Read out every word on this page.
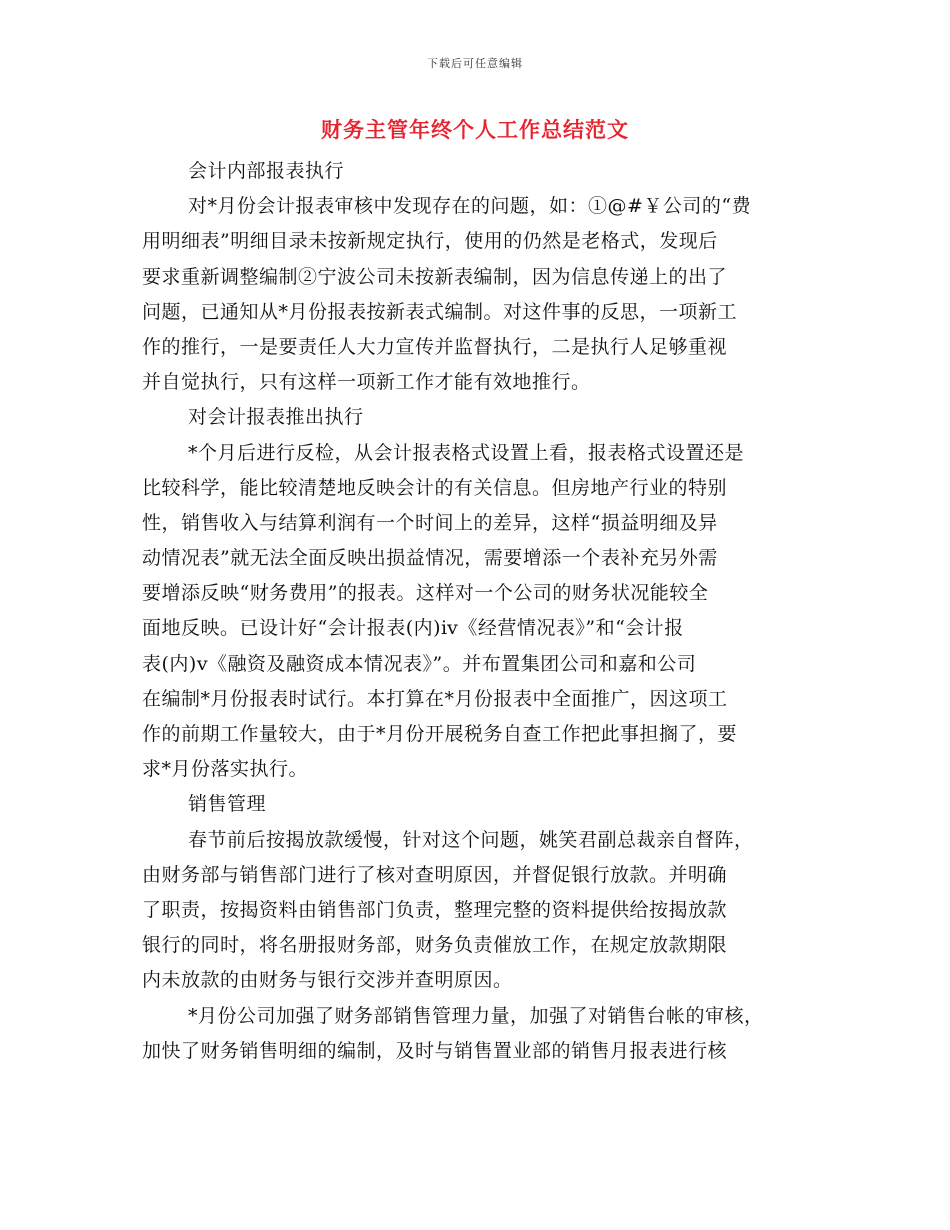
下载后可任意编辑
财务主管年终个人工作总结范文
会计内部报表执行
对*月份会计报表审核中发现存在的问题，如：①@#￥公司的“费
用明细表”明细目录未按新规定执行，使用的仍然是老格式，发现后
要求重新调整编制②宁波公司未按新表编制，因为信息传递上的出了
问题，已通知从*月份报表按新表式编制。对这件事的反思，一项新工
作的推行，一是要责任人大力宣传并监督执行，二是执行人足够重视
并自觉执行，只有这样一项新工作才能有效地推行。
对会计报表推出执行
*个月后进行反检，从会计报表格式设置上看，报表格式设置还是
比较科学，能比较清楚地反映会计的有关信息。但房地产行业的特别
性，销售收入与结算利润有一个时间上的差异，这样“损益明细及异
动情况表”就无法全面反映出损益情况，需要增添一个表补充另外需
要增添反映“财务费用”的报表。这样对一个公司的财务状况能较全
面地反映。已设计好“会计报表(内)ⅳ《经营情况表》”和“会计报
表(内)ⅴ《融资及融资成本情况表》”。并布置集团公司和嘉和公司
在编制*月份报表时试行。本打算在*月份报表中全面推广，因这项工
作的前期工作量较大，由于*月份开展税务自查工作把此事担搁了，要
求*月份落实执行。
销售管理
春节前后按揭放款缓慢，针对这个问题，姚笑君副总裁亲自督阵，
由财务部与销售部门进行了核对查明原因，并督促银行放款。并明确
了职责，按揭资料由销售部门负责，整理完整的资料提供给按揭放款
银行的同时，将名册报财务部，财务负责催放工作，在规定放款期限
内未放款的由财务与银行交涉并查明原因。
*月份公司加强了财务部销售管理力量，加强了对销售台帐的审核，
加快了财务销售明细的编制，及时与销售置业部的销售月报表进行核
